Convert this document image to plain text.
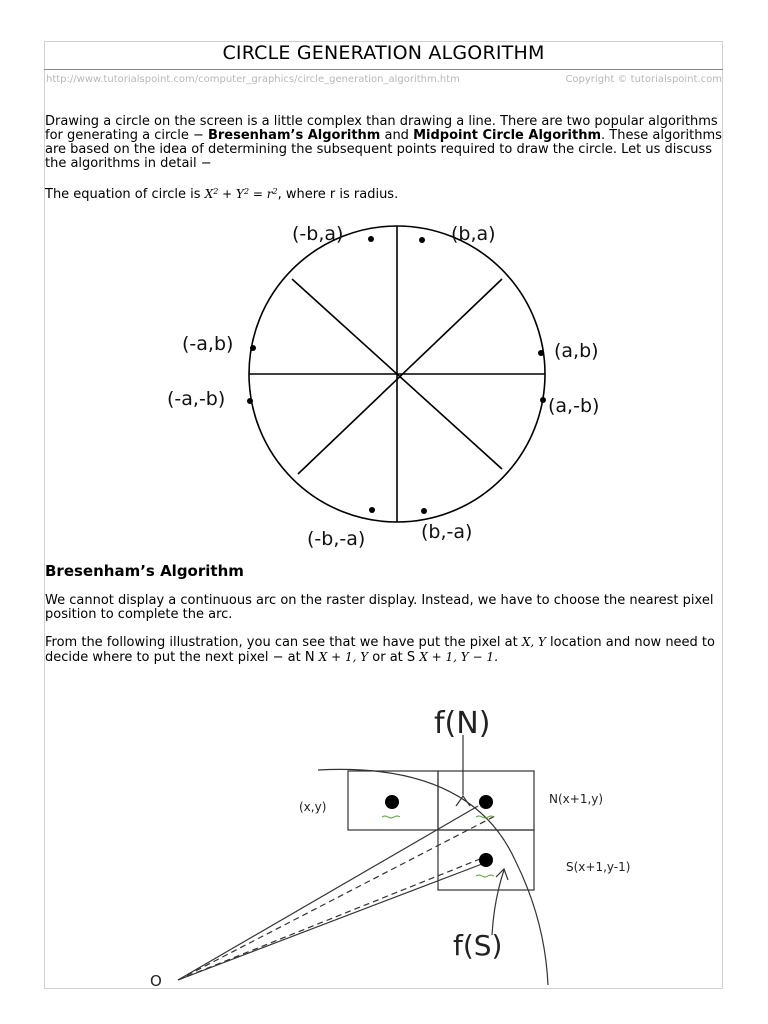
CIRCLE GENERATION ALGORITHM
http://www.tutorialspoint.com/computer_graphics/circle_generation_algorithm.htm	Copyright © tutorialspoint.com
Drawing a circle on the screen is a little complex than drawing a line. There are two popular algorithms for generating a circle − Bresenham’s Algorithm and Midpoint Circle Algorithm. These algorithms are based on the idea of determining the subsequent points required to draw the circle. Let us discuss the algorithms in detail −
The equation of circle is $X^2 + Y^2 = r^2$, where r is radius.
(-b,a)	(b,a)
(-a,b)	(a,b)
(-a,-b)	(a,-b)
(-b,-a)	(b,-a)
Bresenham’s Algorithm
We cannot display a continuous arc on the raster display. Instead, we have to choose the nearest pixel position to complete the arc.
From the following illustration, you can see that we have put the pixel at X, Y location and now need to decide where to put the next pixel − at N X + 1, Y or at S X + 1, Y − 1.
f(N)
f(S)
(x,y)
N(x+1,y)
S(x+1,y-1)
O
